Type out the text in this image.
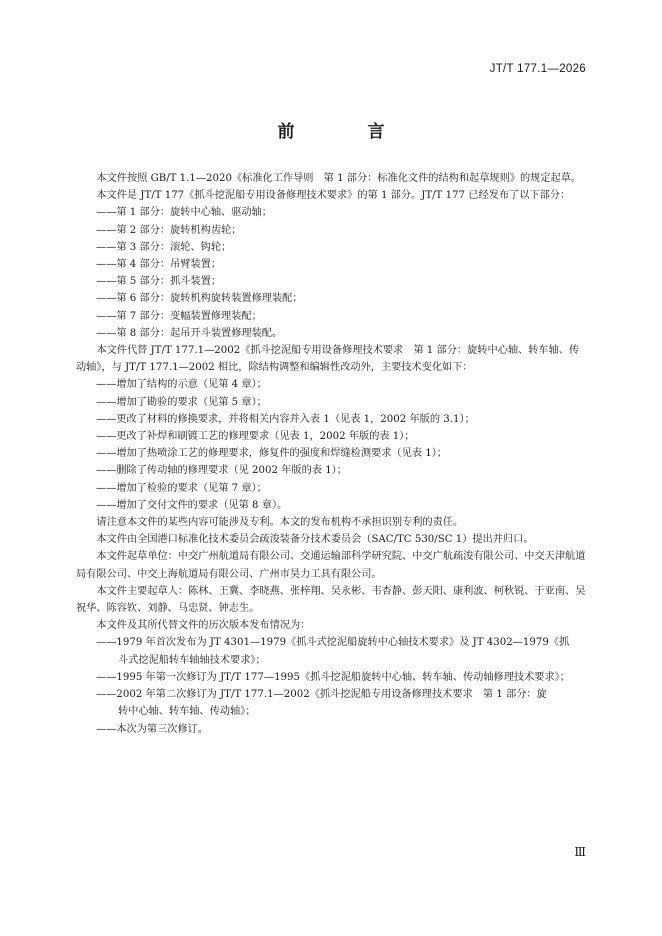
JT/T 177.1—2026
前　言

本文件按照 GB/T 1.1—2020《标准化工作导则　第 1 部分：标准化文件的结构和起草规则》的规定起草。

本文件是 JT/T 177《抓斗挖泥船专用设备修理技术要求》的第 1 部分。JT/T 177 已经发布了以下部分：

——第 1 部分：旋转中心轴、驱动轴；

——第 2 部分：旋转机构齿轮；

——第 3 部分：滚轮、钩轮；

——第 4 部分：吊臂装置；

——第 5 部分：抓斗装置；

——第 6 部分：旋转机构旋转装置修理装配；

——第 7 部分：变幅装置修理装配；

——第 8 部分：起吊开斗装置修理装配。

本文件代替 JT/T 177.1—2002《抓斗挖泥船专用设备修理技术要求　第 1 部分：旋转中心轴、转车轴、传动轴》，与 JT/T 177.1—2002 相比，除结构调整和编辑性改动外，主要技术变化如下：

——增加了结构的示意（见第 4 章）；

——增加了勘验的要求（见第 5 章）；

——更改了材料的修换要求，并将相关内容并入表 1（见表 1，2002 年版的 3.1）；

——更改了补焊和刷镀工艺的修理要求（见表 1，2002 年版的表 1）；

——增加了热喷涂工艺的修理要求，修复件的强度和焊缝检测要求（见表 1）；

——删除了传动轴的修理要求（见 2002 年版的表 1）；

——增加了检验的要求（见第 7 章）；

——增加了交付文件的要求（见第 8 章）。

请注意本文件的某些内容可能涉及专利。本文的发布机构不承担识别专利的责任。

本文件由全国港口标准化技术委员会疏浚装备分技术委员会（SAC/TC 530/SC 1）提出并归口。

本文件起草单位：中交广州航道局有限公司、交通运输部科学研究院、中交广航疏浚有限公司、中交天津航道局有限公司、中交上海航道局有限公司、广州市昊力工具有限公司。

本文件主要起草人：陈林、王冀、李晓燕、张梓翔、吴永彬、韦杏静、彭天阳、康利波、柯秋锐、于亚南、吴祝华、陈容钦、刘静、马忠贤、钟志生。

本文件及其所代替文件的历次版本发布情况为：

——1979 年首次发布为 JT 4301—1979《抓斗式挖泥船旋转中心轴技术要求》及 JT 4302—1979《抓
斗式挖泥船转车轴轴技术要求》；

——1995 年第一次修订为 JT/T 177—1995《抓斗挖泥船旋转中心轴、转车轴、传动轴修理技术要求》；

——2002 年第二次修订为 JT/T 177.1—2002《抓斗挖泥船专用设备修理技术要求　第 1 部分：旋
转中心轴、转车轴、传动轴》；

——本次为第三次修订。

Ⅲ
